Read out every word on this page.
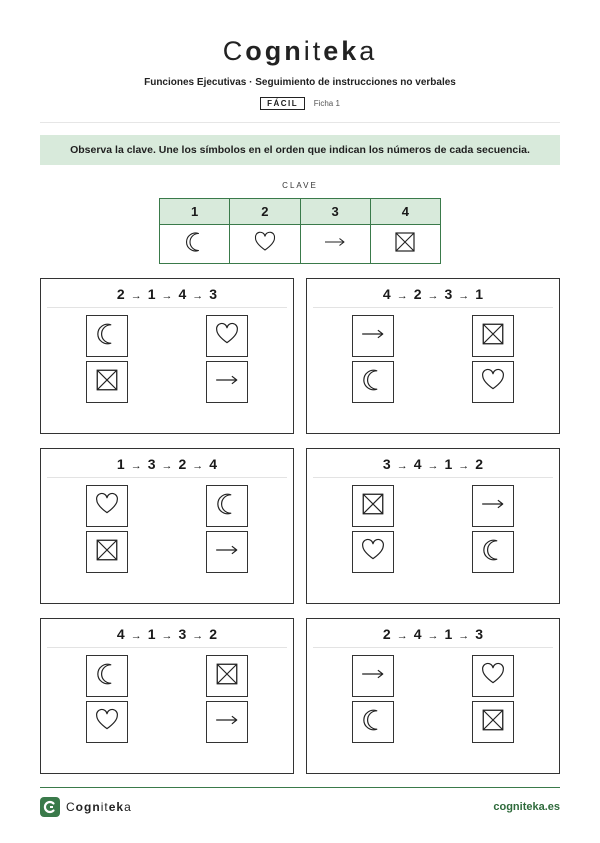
Cogniteka
Funciones Ejecutivas · Seguimiento de instrucciones no verbales
FÁCIL Ficha 1
Observa la clave. Une los símbolos en el orden que indican los números de cada secuencia.
CLAVE
1	2	3	4
2 → 1 → 4 → 3	4 → 2 → 3 → 1
1 → 3 → 2 → 4	3 → 4 → 1 → 2
4 → 1 → 3 → 2	2 → 4 → 1 → 3
Cogniteka	cogniteka.es
